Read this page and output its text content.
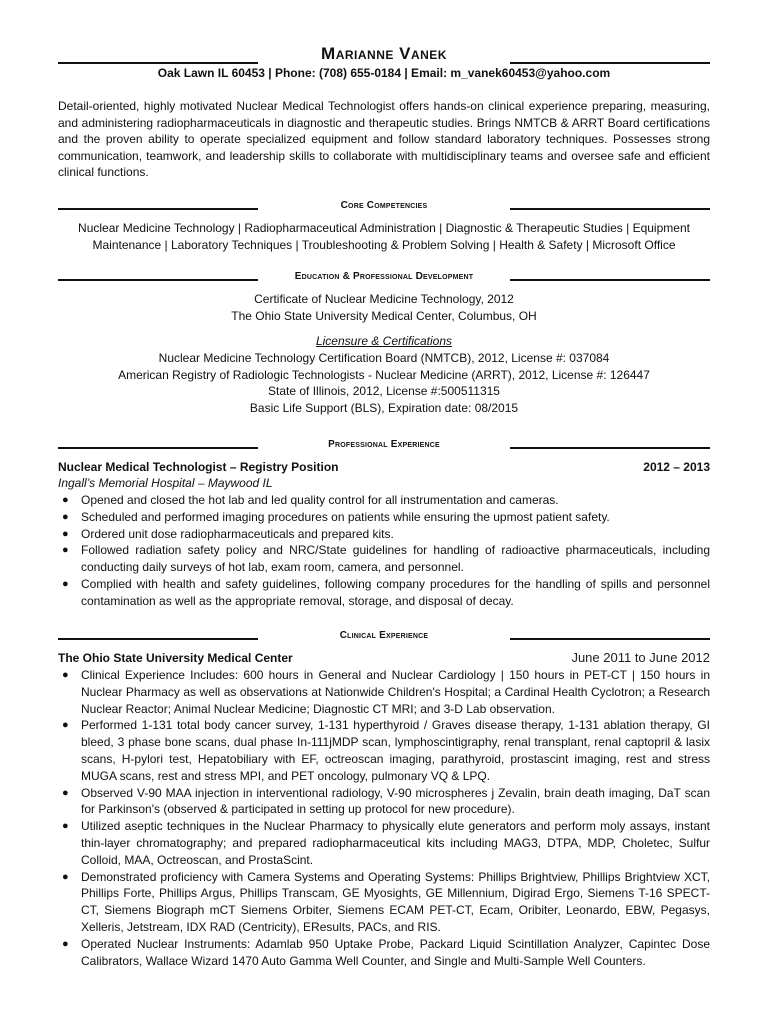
Marianne Vanek
Oak Lawn IL 60453 | Phone: (708) 655-0184 | Email: m_vanek60453@yahoo.com
Detail-oriented, highly motivated Nuclear Medical Technologist offers hands-on clinical experience preparing, measuring, and administering radiopharmaceuticals in diagnostic and therapeutic studies. Brings NMTCB & ARRT Board certifications and the proven ability to operate specialized equipment and follow standard laboratory techniques. Possesses strong communication, teamwork, and leadership skills to collaborate with multidisciplinary teams and oversee safe and efficient clinical functions.
Core Competencies
Nuclear Medicine Technology | Radiopharmaceutical Administration | Diagnostic & Therapeutic Studies | Equipment
Maintenance | Laboratory Techniques | Troubleshooting & Problem Solving | Health & Safety | Microsoft Office
Education & Professional Development
Certificate of Nuclear Medicine Technology, 2012
The Ohio State University Medical Center, Columbus, OH
Licensure & Certifications
Nuclear Medicine Technology Certification Board (NMTCB), 2012, License #: 037084
American Registry of Radiologic Technologists - Nuclear Medicine (ARRT), 2012, License #: 126447
State of Illinois, 2012, License #:500511315
Basic Life Support (BLS), Expiration date: 08/2015
Professional Experience
Nuclear Medical Technologist – Registry Position	2012 – 2013
Ingall’s Memorial Hospital – Maywood IL
● Opened and closed the hot lab and led quality control for all instrumentation and cameras.
● Scheduled and performed imaging procedures on patients while ensuring the upmost patient safety.
● Ordered unit dose radiopharmaceuticals and prepared kits.
● Followed radiation safety policy and NRC/State guidelines for handling of radioactive pharmaceuticals, including conducting daily surveys of hot lab, exam room, camera, and personnel.
● Complied with health and safety guidelines, following company procedures for the handling of spills and personnel contamination as well as the appropriate removal, storage, and disposal of decay.
Clinical Experience
The Ohio State University Medical Center	June 2011 to June 2012
● Clinical Experience Includes: 600 hours in General and Nuclear Cardiology | 150 hours in PET-CT | 150 hours in Nuclear Pharmacy as well as observations at Nationwide Children's Hospital; a Cardinal Health Cyclotron; a Research Nuclear Reactor; Animal Nuclear Medicine; Diagnostic CT MRI; and 3-D Lab observation.
● Performed 1-131 total body cancer survey, 1-131 hyperthyroid / Graves disease therapy, 1-131 ablation therapy, GI bleed, 3 phase bone scans, dual phase In-111jMDP scan, lymphoscintigraphy, renal transplant, renal captopril & lasix scans, H-pylori test, Hepatobiliary with EF, octreoscan imaging, parathyroid, prostascint imaging, rest and stress MUGA scans, rest and stress MPI, and PET oncology, pulmonary VQ & LPQ.
● Observed V-90 MAA injection in interventional radiology, V-90 microspheres j Zevalin, brain death imaging, DaT scan for Parkinson's (observed & participated in setting up protocol for new procedure).
● Utilized aseptic techniques in the Nuclear Pharmacy to physically elute generators and perform moly assays, instant thin-layer chromatography; and prepared radiopharmaceutical kits including MAG3, DTPA, MDP, Choletec, Sulfur Colloid, MAA, Octreoscan, and ProstaScint.
● Demonstrated proficiency with Camera Systems and Operating Systems: Phillips Brightview, Phillips Brightview XCT, Phillips Forte, Phillips Argus, Phillips Transcam, GE Myosights, GE Millennium, Digirad Ergo, Siemens T-16 SPECT-CT, Siemens Biograph mCT Siemens Orbiter, Siemens ECAM PET-CT, Ecam, Oribiter, Leonardo, EBW, Pegasys, Xelleris, Jetstream, IDX RAD (Centricity), EResults, PACs, and RIS.
● Operated Nuclear Instruments: Adamlab 950 Uptake Probe, Packard Liquid Scintillation Analyzer, Capintec Dose Calibrators, Wallace Wizard 1470 Auto Gamma Well Counter, and Single and Multi-Sample Well Counters.
